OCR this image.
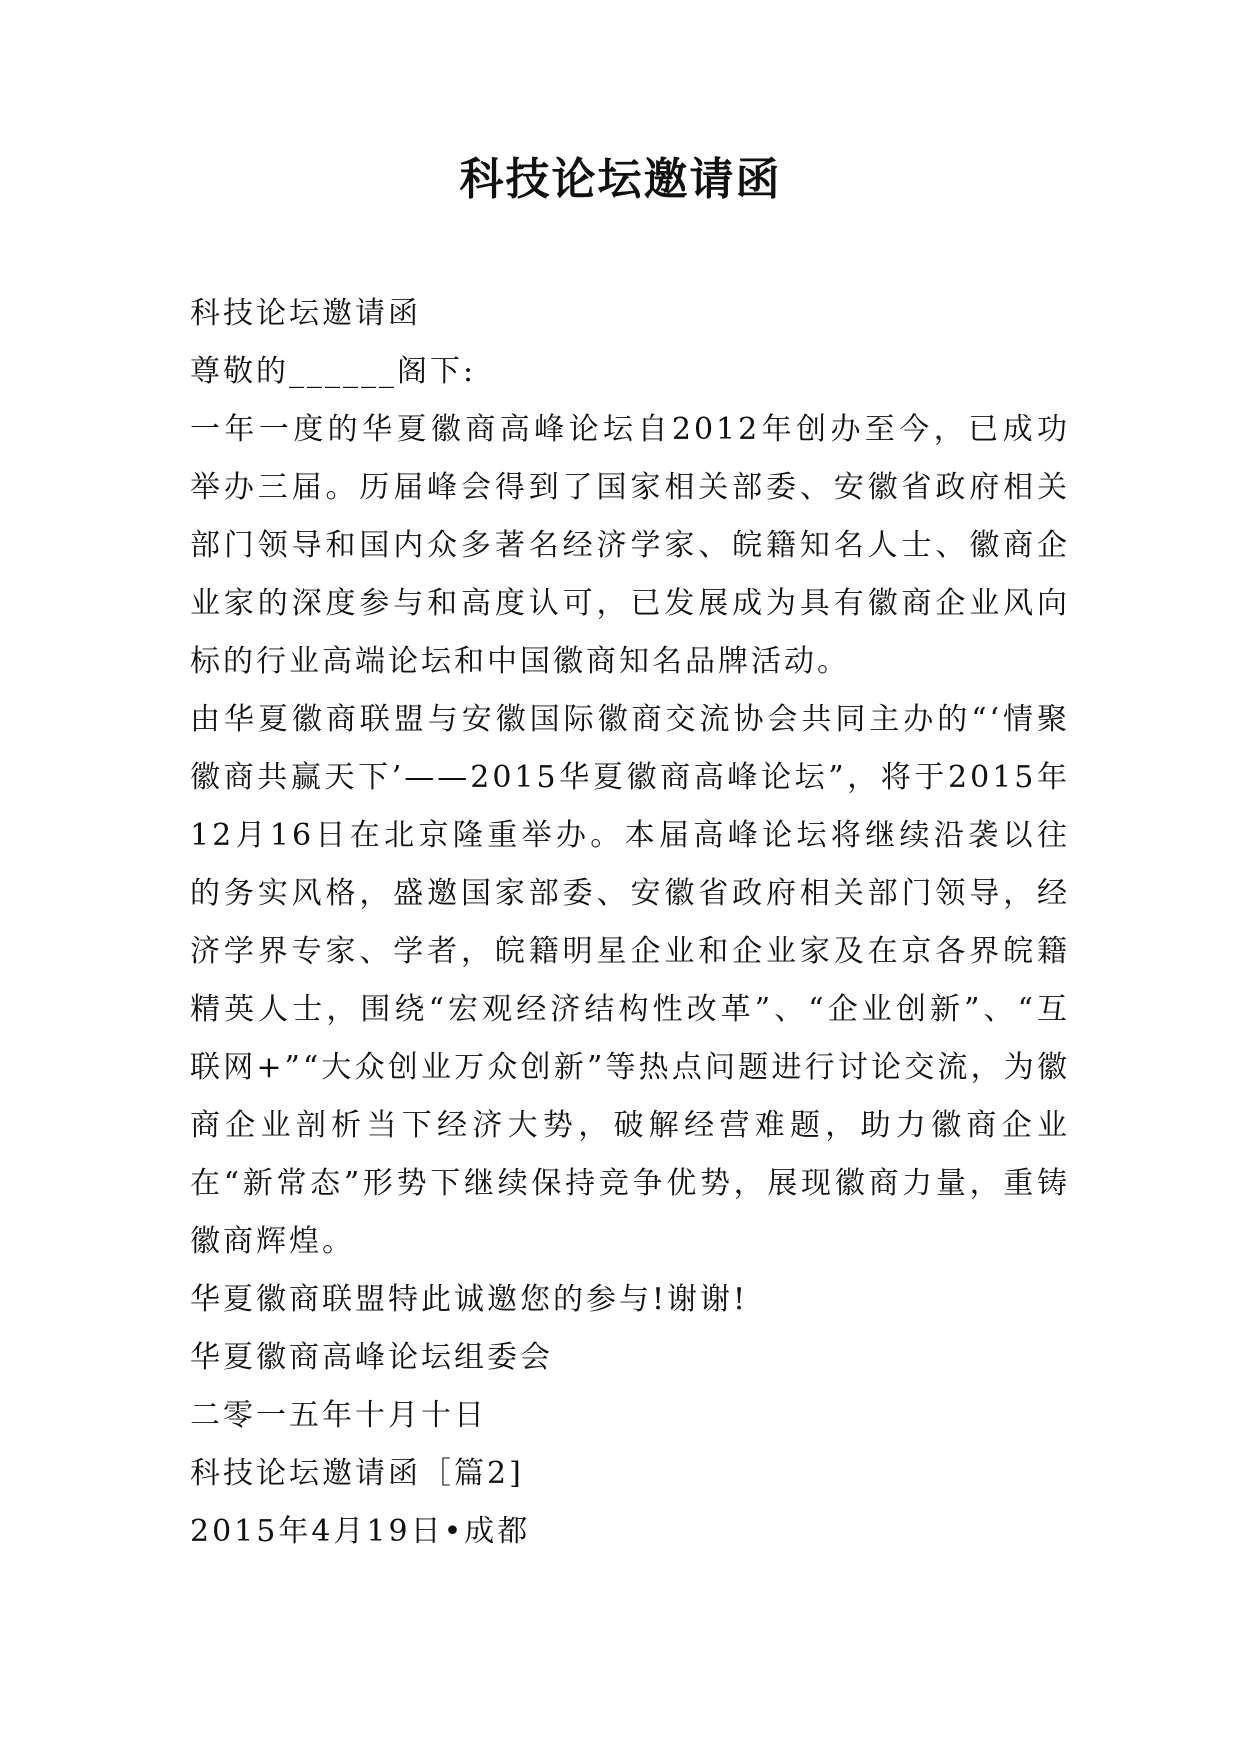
科技论坛邀请函

科技论坛邀请函

尊敬的______阁下:

一年一度的华夏徽商高峰论坛自2012年创办至今，已成功举办三届。历届峰会得到了国家相关部委、安徽省政府相关部门领导和国内众多著名经济学家、皖籍知名人士、徽商企业家的深度参与和高度认可，已发展成为具有徽商企业风向标的行业高端论坛和中国徽商知名品牌活动。

由华夏徽商联盟与安徽国际徽商交流协会共同主办的“‘情聚徽商共赢天下’——2015华夏徽商高峰论坛”，将于2015年12月16日在北京隆重举办。本届高峰论坛将继续沿袭以往的务实风格，盛邀国家部委、安徽省政府相关部门领导，经济学界专家、学者，皖籍明星企业和企业家及在京各界皖籍精英人士，围绕“宏观经济结构性改革”、“企业创新”、“互联网+”“大众创业万众创新”等热点问题进行讨论交流，为徽商企业剖析当下经济大势，破解经营难题，助力徽商企业在“新常态”形势下继续保持竞争优势，展现徽商力量，重铸徽商辉煌。

华夏徽商联盟特此诚邀您的参与!谢谢!

华夏徽商高峰论坛组委会

二零一五年十月十日

科技论坛邀请函［篇2]

2015年4月19日•成都
